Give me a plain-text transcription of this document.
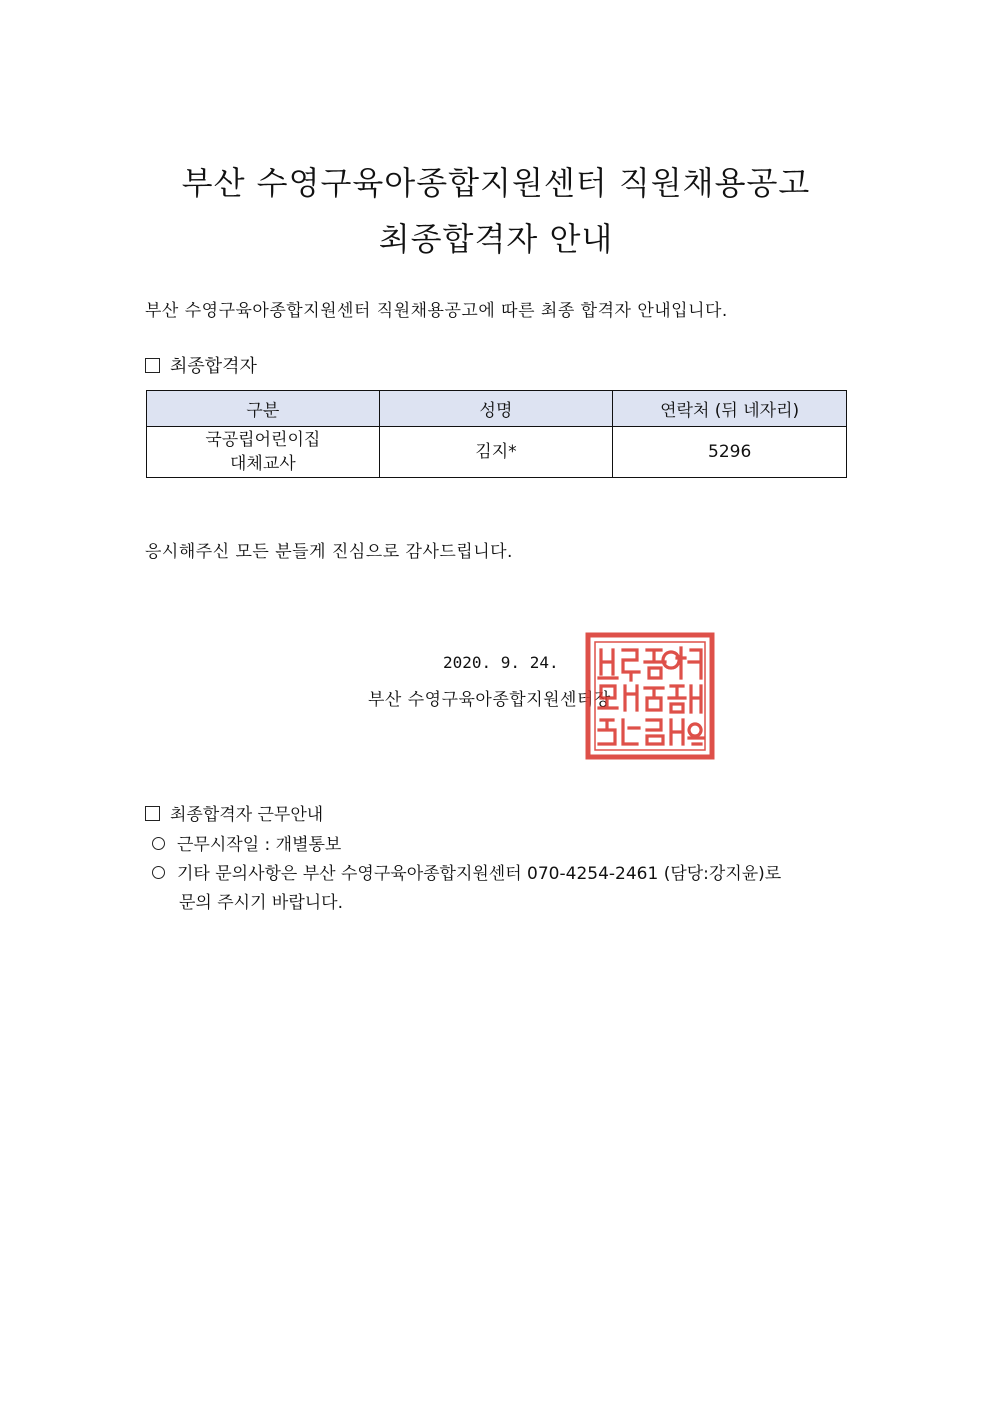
부산 수영구육아종합지원센터 직원채용공고
최종합격자 안내
부산 수영구육아종합지원센터 직원채용공고에 따른 최종 합격자 안내입니다.
최종합격자
구분	성명	연락처 (뒤 네자리)

국공립어린이집
대체교사	김지*	5296
응시해주신 모든 분들게 진심으로 감사드립니다.
2020. 9. 24.
부산 수영구육아종합지원센터장
최종합격자 근무안내
근무시작일 : 개별통보
기타 문의사항은 부산 수영구육아종합지원센터 070-4254-2461 (담당:강지윤)로
문의 주시기 바랍니다.
